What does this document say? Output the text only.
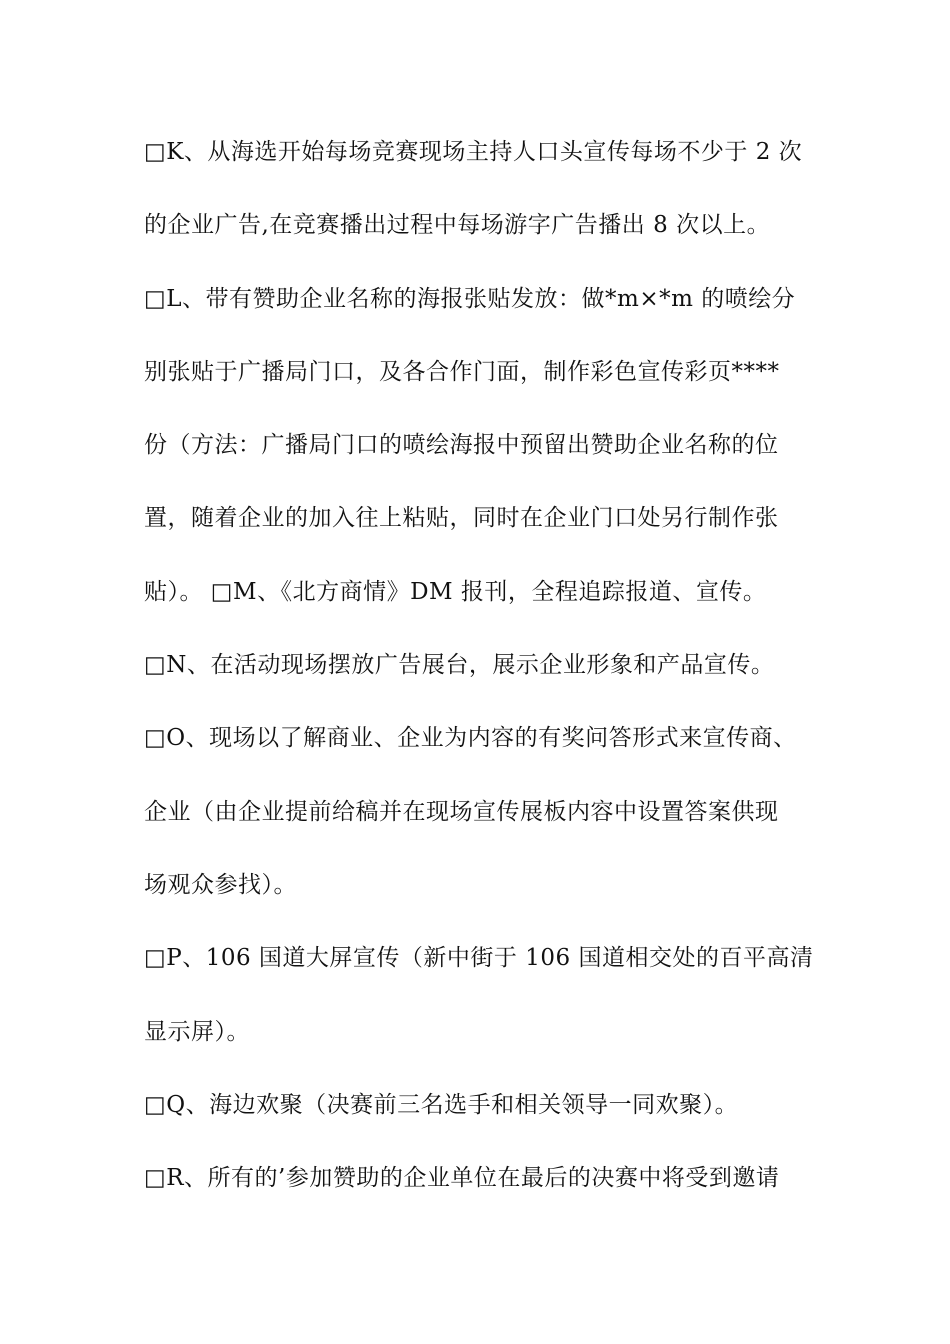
□K、从海选开始每场竞赛现场主持人口头宣传每场不少于 2 次
的企业广告,在竞赛播出过程中每场游字广告播出 8 次以上。
□L、带有赞助企业名称的海报张贴发放：做*m×*m 的喷绘分
别张贴于广播局门口，及各合作门面，制作彩色宣传彩页****
份（方法：广播局门口的喷绘海报中预留出赞助企业名称的位
置，随着企业的加入往上粘贴，同时在企业门口处另行制作张
贴）。 □M、《北方商情》DM 报刊，全程追踪报道、宣传。
□N、在活动现场摆放广告展台，展示企业形象和产品宣传。
□O、现场以了解商业、企业为内容的有奖问答形式来宣传商、
企业（由企业提前给稿并在现场宣传展板内容中设置答案供现
场观众参找）。
□P、106 国道大屏宣传（新中街于 106 国道相交处的百平高清
显示屏）。
□Q、海边欢聚（决赛前三名选手和相关领导一同欢聚）。
□R、所有的’参加赞助的企业单位在最后的决赛中将受到邀请
